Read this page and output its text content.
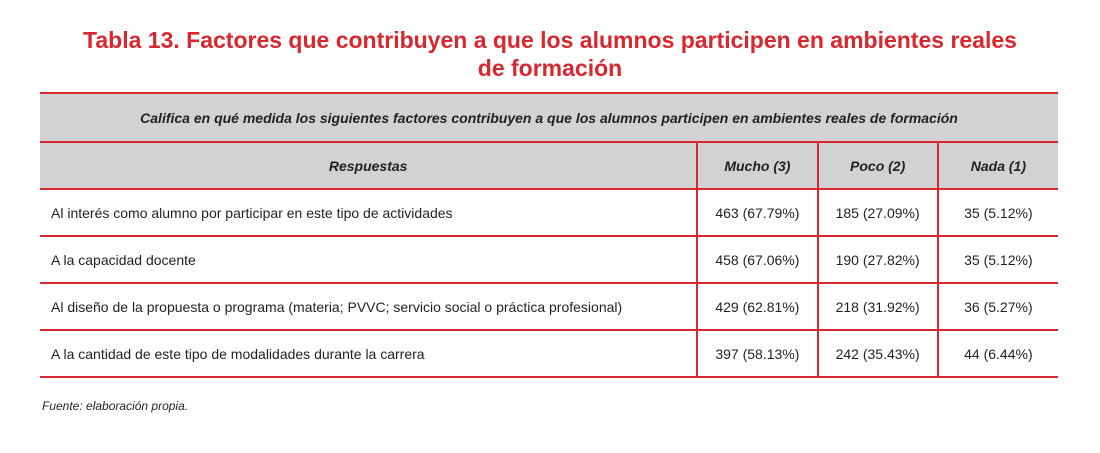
Tabla 13. Factores que contribuyen a que los alumnos participen en ambientes reales
de formación
Califica en qué medida los siguientes factores contribuyen a que los alumnos participen en ambientes reales de formación			
Respuestas	Mucho (3)	Poco (2)	Nada (1)
Al interés como alumno por participar en este tipo de actividades	463 (67.79%)	185 (27.09%)	35 (5.12%)
A la capacidad docente	458 (67.06%)	190 (27.82%)	35 (5.12%)
Al diseño de la propuesta o programa (materia; PVVC; servicio social o práctica profesional)	429 (62.81%)	218 (31.92%)	36 (5.27%)
A la cantidad de este tipo de modalidades durante la carrera	397 (58.13%)	242 (35.43%)	44 (6.44%)
Fuente: elaboración propia.
